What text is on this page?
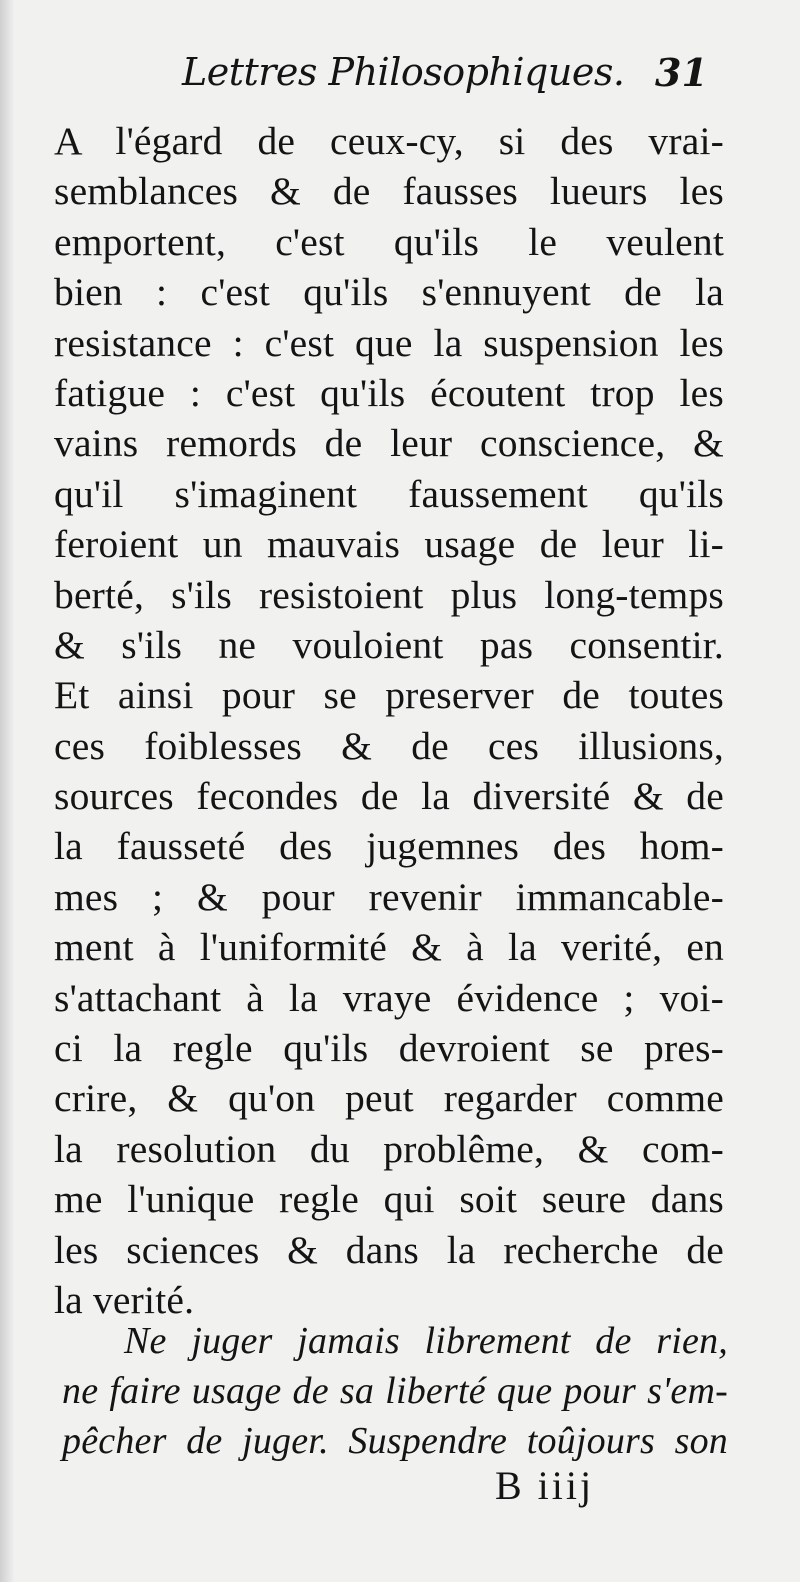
Lettres Philosophiques. 31
A l'égard de ceux-cy, si des vrai-
semblances & de fausses lueurs les
emportent, c'est qu'ils le veulent
bien : c'est qu'ils s'ennuyent de la
resistance : c'est que la suspension les
fatigue : c'est qu'ils écoutent trop les
vains remords de leur conscience, &
qu'il s'imaginent faussement qu'ils
feroient un mauvais usage de leur li-
berté, s'ils resistoient plus long-temps
& s'ils ne vouloient pas consentir.
Et ainsi pour se preserver de toutes
ces foiblesses & de ces illusions,
sources fecondes de la diversité & de
la fausseté des jugemnes des hom-
mes ; & pour revenir immancable-
ment à l'uniformité & à la verité, en
s'attachant à la vraye évidence ; voi-
ci la regle qu'ils devroient se pres-
crire, & qu'on peut regarder comme
la resolution du problême, & com-
me l'unique regle qui soit seure dans
les sciences & dans la recherche de
la verité.
Ne juger jamais librement de rien,
ne faire usage de sa liberté que pour s'em-
pêcher de juger. Suspendre toûjours son
B iiij
